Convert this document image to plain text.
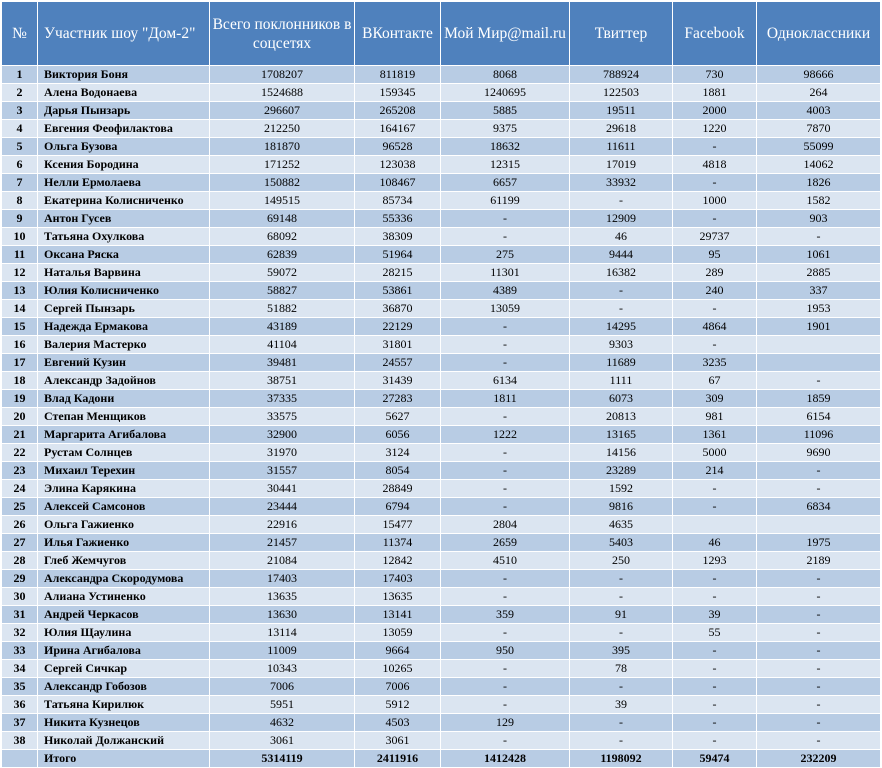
№	Участник шоу "Дом-2"	Всего поклонников в соцсетях	ВКонтакте	Мой Мир@mail.ru	Твиттер	Facebook	Одноклассники
1	Виктория Боня	1708207	811819	8068	788924	730	98666
2	Алена Водонаева	1524688	159345	1240695	122503	1881	264
3	Дарья Пынзарь	296607	265208	5885	19511	2000	4003
4	Евгения Феофилактова	212250	164167	9375	29618	1220	7870
5	Ольга Бузова	181870	96528	18632	11611	-	55099
6	Ксения Бородина	171252	123038	12315	17019	4818	14062
7	Нелли Ермолаева	150882	108467	6657	33932	-	1826
8	Екатерина Колисниченко	149515	85734	61199	-	1000	1582
9	Антон Гусев	69148	55336	-	12909	-	903
10	Татьяна Охулкова	68092	38309	-	46	29737	-
11	Оксана Ряска	62839	51964	275	9444	95	1061
12	Наталья Варвина	59072	28215	11301	16382	289	2885
13	Юлия Колисниченко	58827	53861	4389	-	240	337
14	Сергей Пынзарь	51882	36870	13059	-	-	1953
15	Надежда Ермакова	43189	22129	-	14295	4864	1901
16	Валерия Мастерко	41104	31801	-	9303	-	
17	Евгений Кузин	39481	24557	-	11689	3235	
18	Александр Задойнов	38751	31439	6134	1111	67	-
19	Влад Кадони	37335	27283	1811	6073	309	1859
20	Степан Менщиков	33575	5627	-	20813	981	6154
21	Маргарита Агибалова	32900	6056	1222	13165	1361	11096
22	Рустам Солнцев	31970	3124	-	14156	5000	9690
23	Михаил Терехин	31557	8054	-	23289	214	-
24	Элина Карякина	30441	28849	-	1592	-	-
25	Алексей Самсонов	23444	6794	-	9816	-	6834
26	Ольга Гажиенко	22916	15477	2804	4635		
27	Илья Гажиенко	21457	11374	2659	5403	46	1975
28	Глеб Жемчугов	21084	12842	4510	250	1293	2189
29	Александра Скородумова	17403	17403	-	-	-	-
30	Алиана Устиненко	13635	13635	-	-	-	-
31	Андрей Черкасов	13630	13141	359	91	39	-
32	Юлия Щаулина	13114	13059	-	-	55	-
33	Ирина Агибалова	11009	9664	950	395	-	-
34	Сергей Сичкар	10343	10265	-	78	-	-
35	Александр Гобозов	7006	7006	-	-	-	-
36	Татьяна Кирилюк	5951	5912	-	39	-	-
37	Никита Кузнецов	4632	4503	129	-	-	-
38	Николай Должанский	3061	3061	-	-	-	-
	Итого	5314119	2411916	1412428	1198092	59474	232209
